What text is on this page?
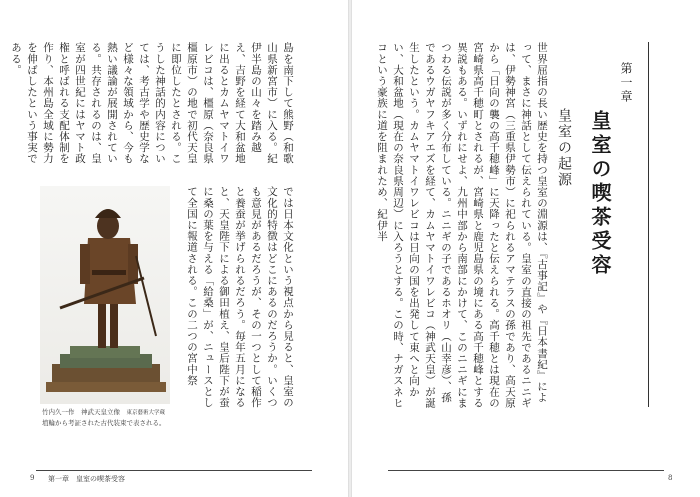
島を南下して熊野（和歌山県新宮市）に入る。紀伊半島の山々を踏み越え、吉野を経て大和盆地に出るとカムヤマトイワレビコは、橿原（奈良県橿原市）の地で初代天皇に即位したとされる。こうした神話的内容については、考古学や歴史学など様々な領域から、今も熱い議論が展開されている。共存されるのは、皇室が四世紀にはヤマト政権と呼ばれる支配体制を作り、本州島全域に勢力を伸ばしたという事実である。

では日本文化という視点から見ると、皇室の文化的特徴はどこにあるのだろうか。いくつも意見があるだろうが、その一つとして稲作と養蚕が挙げられるだろう。毎年五月になると、天皇陛下による御田植え、皇后陛下が蚕に桑の葉を与える「給桑」が、ニュースとして全国に報道される。この二つの宮中祭

竹内久一作　神武天皇立像　 東京藝術大学蔵
埴輪から考証された古代装束で表される。
9 第一章　皇室の喫茶受容

世界屈指の長い歴史を持つ皇室の淵源は、『古事記』や『日本書紀』によって、まさに神話として伝えられている。皇室の直接の祖先であるニニギは、伊勢神宮（三重県伊勢市）に祀られるアマテラスの孫であり、高天原から「日向の襲の高千穂峰」に天降ったと伝えられる。高千穂とは現在の宮崎県高千穂町とされるが、宮崎県と鹿児島県の境にある高千穂峰とする異説もある。いずれにせよ、九州中部から南部にかけて、このニニギにまつわる伝説が多く分布している。ニニギの子であるホオリ（山幸彦）、孫であるウガヤフキアエズを経て、カムヤマトイワレビコ（神武天皇）が誕生したという。カムヤマトイワレビコは日向の国を出発して東へと向かい、大和盆地（現在の奈良県周辺）に入ろうとする。この時、ナガスネヒコという豪族に道を阻まれため、紀伊半	皇室の起源 皇室の喫茶受容
第一章
8
